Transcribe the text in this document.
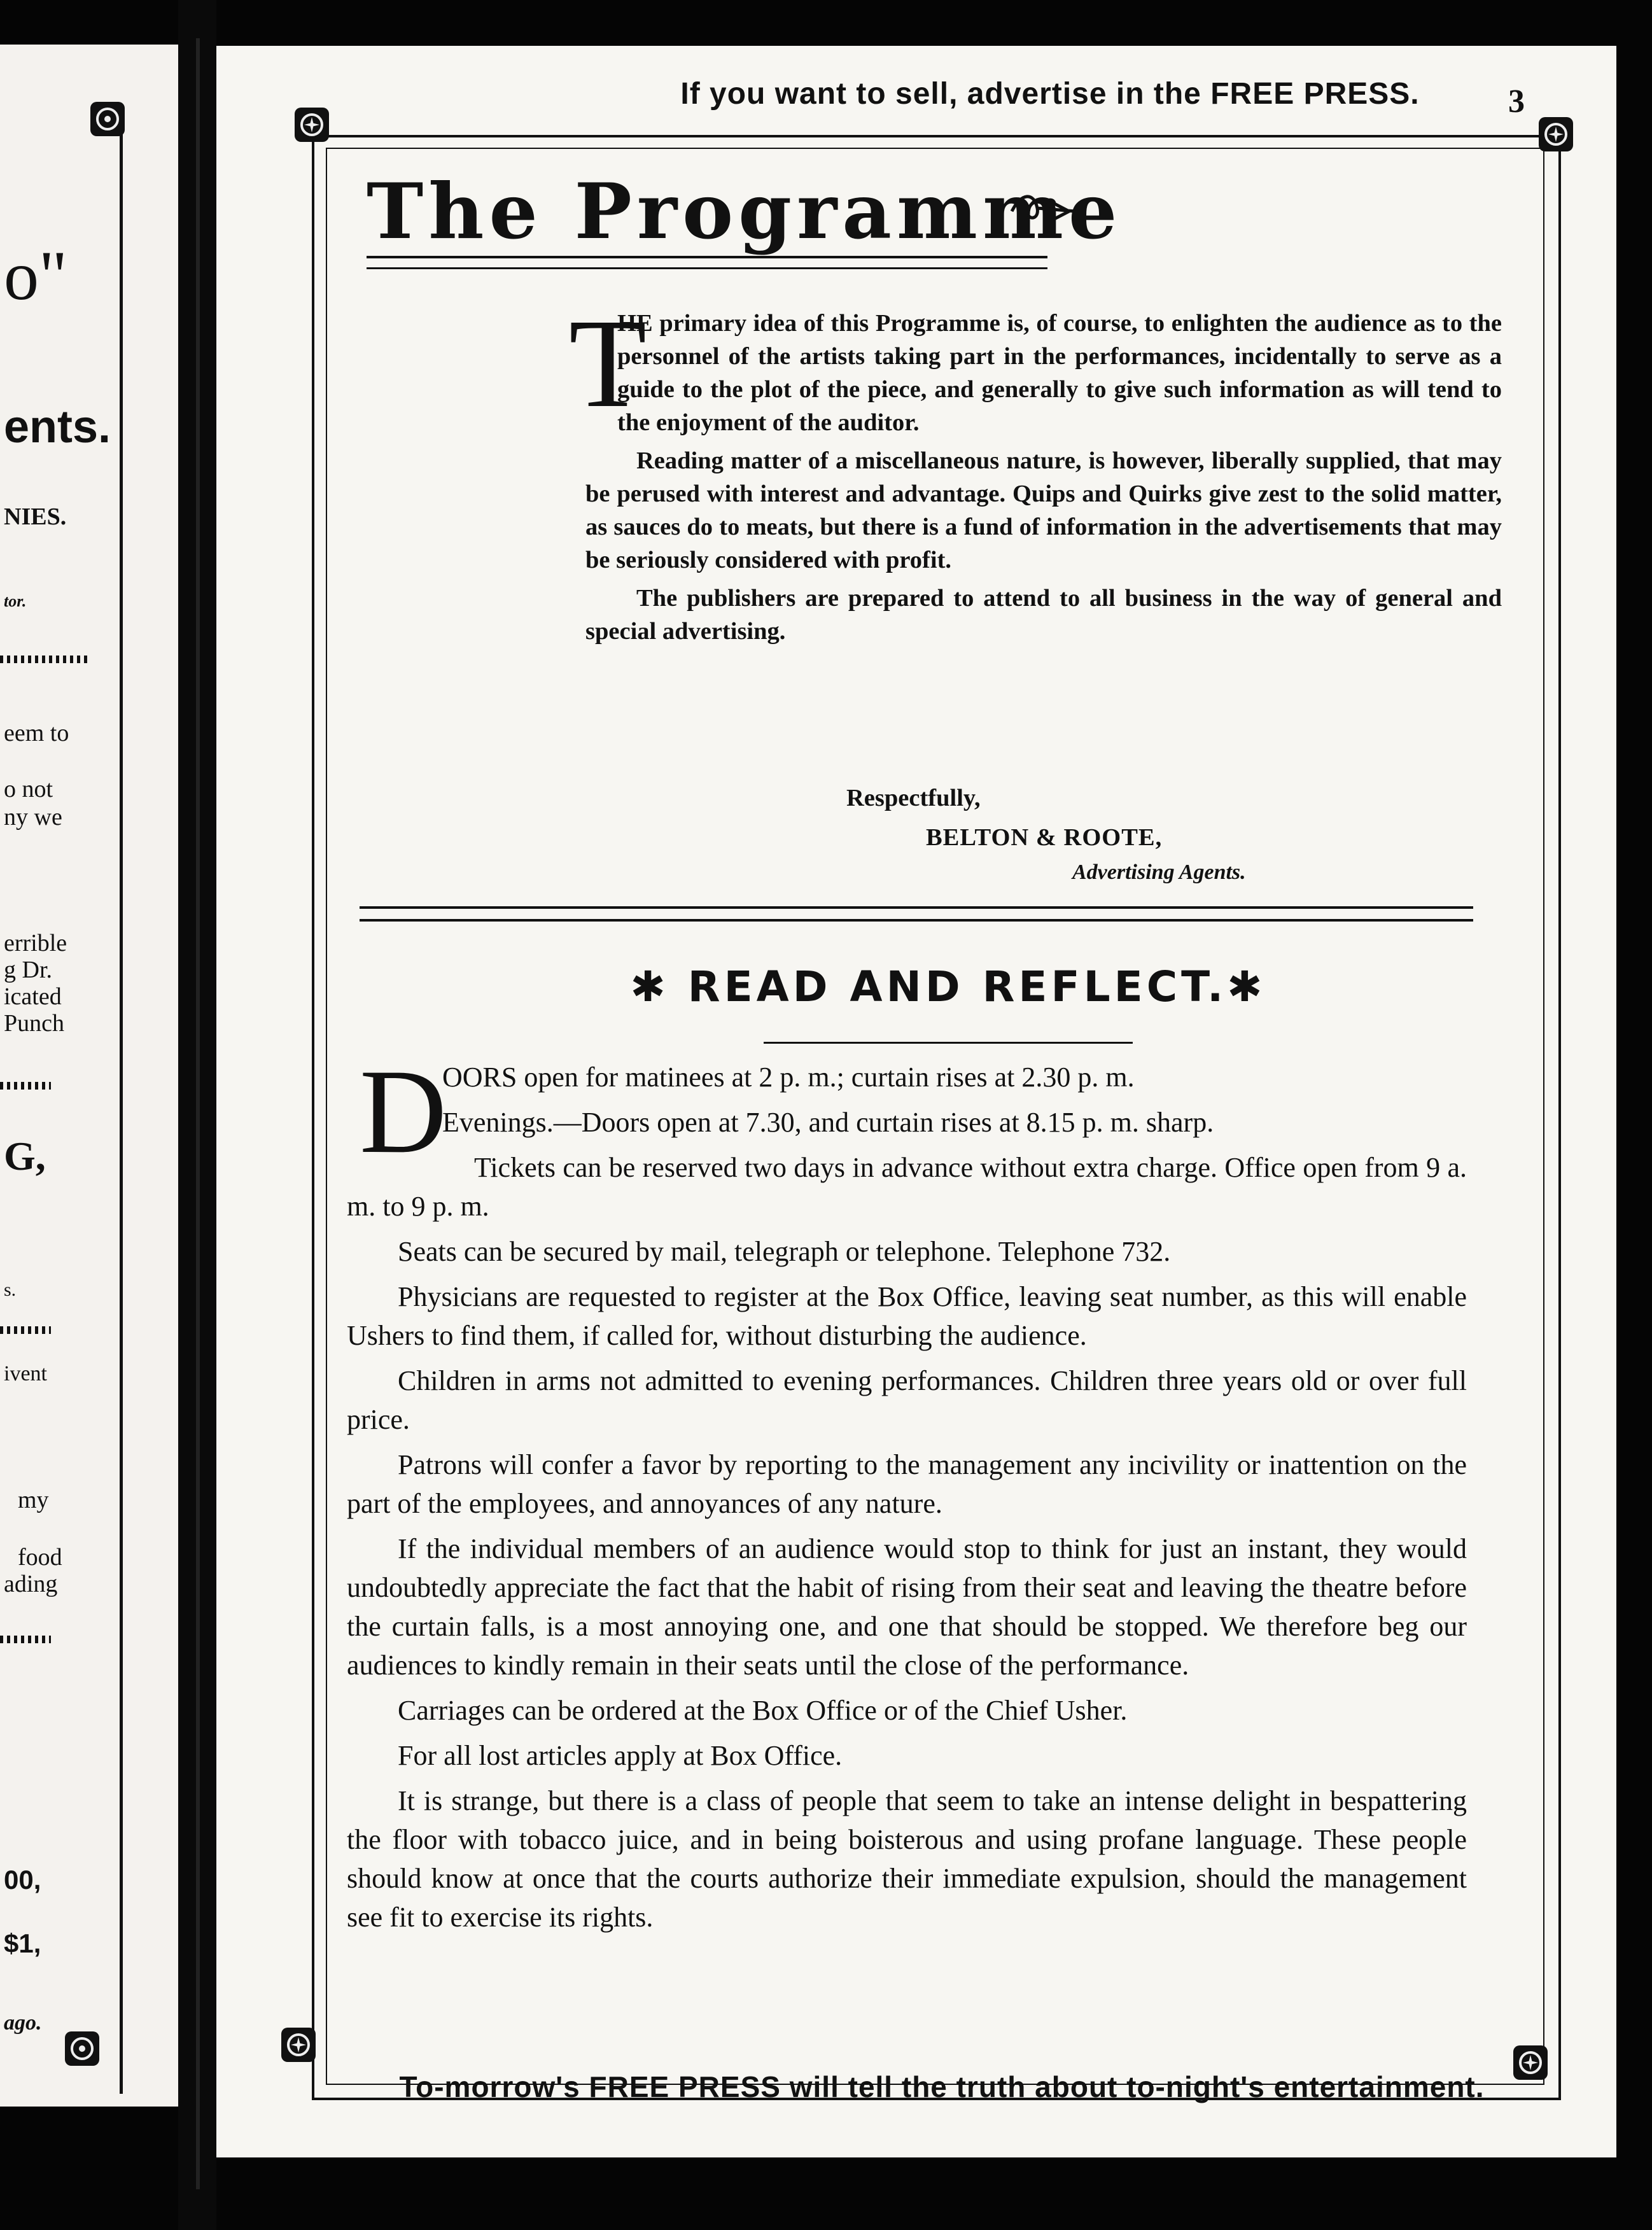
o"
ents.
NIES.
tor.
eem to
o not
ny we
errible
g Dr.
icated
Punch
G,
s.
ivent
my
food
ading
00,
$1,
ago.
If you want to sell, advertise in the FREE PRESS.	3
The Programme
T

HE primary idea of this Programme is, of course, to enlighten the audience as to the personnel of the artists taking part in the performances, incidentally to serve as a guide to the plot of the piece, and generally to give such information as will tend to the enjoyment of the auditor.

Reading matter of a miscellaneous nature, is however, liberally supplied, that may be perused with interest and advantage. Quips and Quirks give zest to the solid matter, as sauces do to meats, but there is a fund of information in the advertisements that may be seriously considered with profit.

The publishers are prepared to attend to all business in the way of general and special advertising.

Respectfully,
BELTON & ROOTE,
Advertising Agents.
✱ READ AND REFLECT.✱
D

OORS open for matinees at 2 p. m.; curtain rises at 2.30 p. m.

Evenings.—Doors open at 7.30, and curtain rises at 8.15 p. m. sharp.

Tickets can be reserved two days in advance without extra charge. Office open from 9 a. m. to 9 p. m.

Seats can be secured by mail, telegraph or telephone. Telephone 732.

Physicians are requested to register at the Box Office, leaving seat number, as this will enable Ushers to find them, if called for, without disturbing the audience.

Children in arms not admitted to evening performances. Children three years old or over full price.

Patrons will confer a favor by reporting to the management any incivility or inattention on the part of the employees, and annoyances of any nature.

If the individual members of an audience would stop to think for just an instant, they would undoubtedly appreciate the fact that the habit of rising from their seat and leaving the theatre before the curtain falls, is a most annoying one, and one that should be stopped. We therefore beg our audiences to kindly remain in their seats until the close of the performance.

Carriages can be ordered at the Box Office or of the Chief Usher.

For all lost articles apply at Box Office.

It is strange, but there is a class of people that seem to take an intense delight in bespattering the floor with tobacco juice, and in being boisterous and using profane language. These people should know at once that the courts authorize their immediate expulsion, should the management see fit to exercise its rights.

To-morrow's FREE PRESS will tell the truth about to-night's entertainment.
